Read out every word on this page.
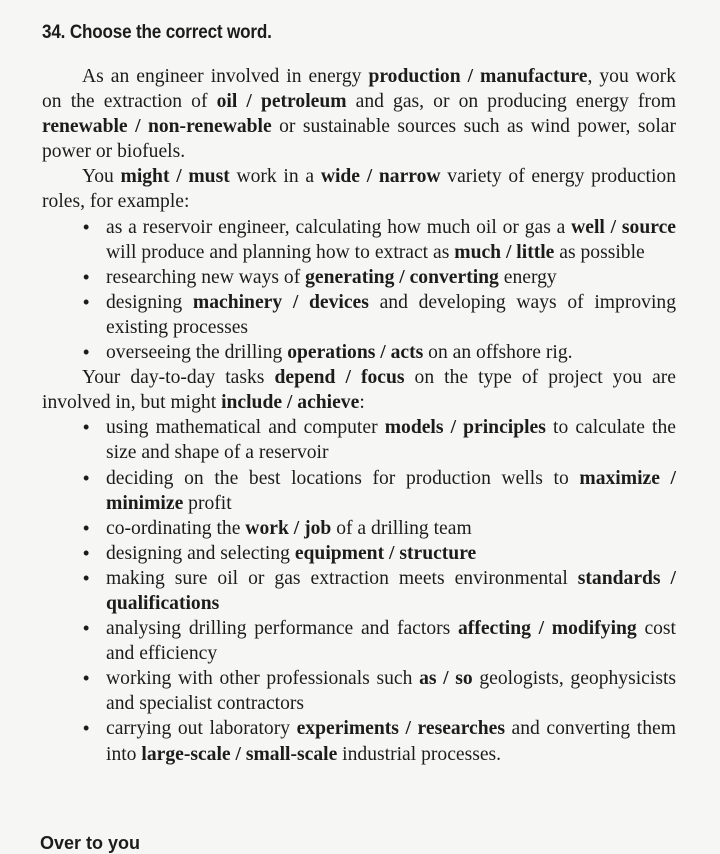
34. Choose the correct word.

As an engineer involved in energy production / manufacture, you work on the extraction of oil / petroleum and gas, or on producing energy from renewable / non-renewable or sustainable sources such as wind power, solar power or biofuels.

You might / must work in a wide / narrow variety of energy production roles, for example:

• as a reservoir engineer, calculating how much oil or gas a well / source will produce and planning how to extract as much / little as possible
• researching new ways of generating / converting energy
• designing machinery / devices and developing ways of improving existing processes
• overseeing the drilling operations / acts on an offshore rig.

Your day-to-day tasks depend / focus on the type of project you are involved in, but might include / achieve:

• using mathematical and computer models / principles to calculate the size and shape of a reservoir
• deciding on the best locations for production wells to maximize / minimize profit
• co-ordinating the work / job of a drilling team
• designing and selecting equipment / structure
• making sure oil or gas extraction meets environmental standards / qualifications
• analysing drilling performance and factors affecting / modifying cost and efficiency
• working with other professionals such as / so geologists, geophysicists and specialist contractors
• carrying out laboratory experiments / researches and converting them into large-scale / small-scale industrial processes.
Over to you
